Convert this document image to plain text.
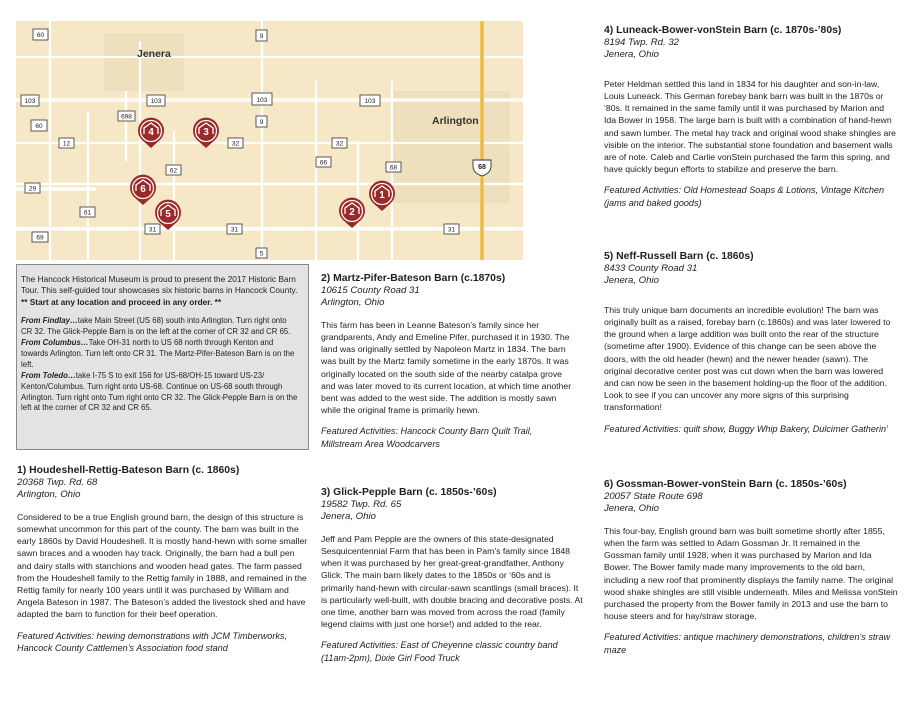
Jenera
Arlington
60	9
103	103	103	103
698
9
60
12	32	32
62
66
68	68
29
61
31	31	31
69
5
1
2
3
4
5
6

The Hancock Historical Museum is proud to present the 2017 Historic Barn Tour. This self-guided tour showcases six historic barns in Hancock County. ** Start at any location and proceed in any order. **

From Findlay…take Main Street (US 68) south into Arlington. Turn right onto CR 32. The Glick-Pepple Barn is on the left at the corner of CR 32 and CR 65.

From Columbus…Take OH-31 north to US 68 north through Kenton and towards Arlington. Turn left onto CR 31. The Martz-Pifer-Bateson Barn is on the left.

From Toledo…take I-75 S to exit 156 for US-68/OH-15 toward US-23/ Kenton/Columbus. Turn right onto US-68. Continue on US-68 south through Arlington. Turn right onto Turn right onto CR 32. The Glick-Pepple Barn is on the left at the corner of CR 32 and CR 65.

1) Houdeshell-Rettig-Bateson Barn (c. 1860s)

20368 Twp. Rd. 68

Arlington, Ohio

Considered to be a true English ground barn, the design of this structure is somewhat uncommon for this part of the county. The barn was built in the early 1860s by David Houdeshell. It is mostly hand-hewn with some smaller sawn braces and a wooden hay track. Originally, the barn had a bull pen and dairy stalls with stanchions and wooden head gates. The farm passed from the Houdeshell family to the Rettig family in 1888, and remained in the Rettig family for nearly 100 years until it was purchased by William and Angela Bateson in 1987. The Bateson’s added the livestock shed and have adapted the barn to function for their beef operation.

Featured Activities: hewing demonstrations with JCM Timberworks, Hancock County Cattlemen’s Association food stand

2) Martz-Pifer-Bateson Barn (c.1870s)

10615 County Road 31

Arlington, Ohio

This farm has been in Leanne Bateson’s family since her grandparents, Andy and Emeline Pifer, purchased it in 1930. The land was originally settled by Napoleon Martz in 1834. The barn was built by the Martz family sometime in the early 1870s. It was originally located on the south side of the nearby catalpa grove and was later moved to its current location, at which time another bent was added to the west side. The addition is mostly sawn while the original frame is primarily hewn.

Featured Activities: Hancock County Barn Quilt Trail, Millstream Area Woodcarvers

3) Glick-Pepple Barn (c. 1850s-’60s)

19582 Twp. Rd. 65

Jenera, Ohio

Jeff and Pam Pepple are the owners of this state-designated Sesquicentennial Farm that has been in Pam’s family since 1848 when it was purchased by her great-great-grandfather, Anthony Glick. The main barn likely dates to the 1850s or ‘60s and is primarily hand-hewn with circular-sawn scantlings (small braces). It is particularly well-built, with double bracing and decorative posts. At one time, another barn was moved from across the road (family legend claims with just one horse!) and added to the rear.

Featured Activities: East of Cheyenne classic country band (11am-2pm), Dixie Girl Food Truck

4) Luneack-Bower-vonStein Barn (c. 1870s-’80s)

8194 Twp. Rd. 32

Jenera, Ohio

Peter Heldman settled this land in 1834 for his daughter and son-in-law, Louis Luneack. This German forebay bank barn was built in the 1870s or ‘80s. It remained in the same family until it was purchased by Marion and Ida Bower in 1958. The large barn is built with a combination of hand-hewn and sawn lumber. The metal hay track and original wood shake shingles are visible on the interior. The substantial stone foundation and basement walls are of note. Caleb and Carlie vonStein purchased the farm this spring, and have quickly begun efforts to stabilize and preserve the barn.

Featured Activities: Old Homestead Soaps & Lotions, Vintage Kitchen (jams and baked goods)

5) Neff-Russell Barn (c. 1860s)

8433 County Road 31

Jenera, Ohio

This truly unique barn documents an incredible evolution! The barn was originally built as a raised, forebay barn (c.1860s) and was later lowered to the ground when a large addition was built onto the rear of the structure (sometime after 1900). Evidence of this change can be seen above the doors, with the old header (hewn) and the newer header (sawn). The original decorative center post was cut down when the barn was lowered and can now be seen in the basement holding-up the floor of the addition. Look to see if you can uncover any more signs of this surprising transformation!

Featured Activities: quilt show, Buggy Whip Bakery, Dulcimer Gatherin’

6) Gossman-Bower-vonStein Barn (c. 1850s-’60s)

20057 State Route 698

Jenera, Ohio

This four-bay, English ground barn was built sometime shortly after 1855, when the farm was settled to Adam Gossman Jr. It remained in the Gossman family until 1928, when it was purchased by Marion and Ida Bower. The Bower family made many improvements to the old barn, including a new roof that prominently displays the family name. The original wood shake shingles are still visible underneath. Miles and Melissa vonStein purchased the property from the Bower family in 2013 and use the barn to house steers and for hay/straw storage.

Featured Activities: antique machinery demonstrations, children’s straw maze
